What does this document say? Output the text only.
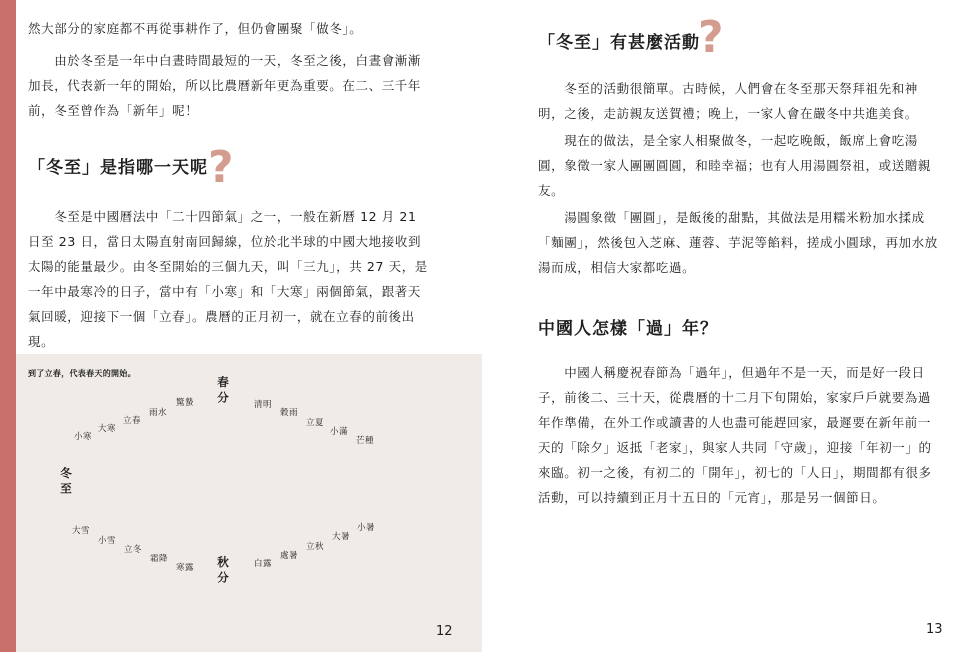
然大部分的家庭都不再從事耕作了，但仍會團聚「做冬」。

　　由於冬至是一年中白晝時間最短的一天，冬至之後，白晝會漸漸加長，代表新一年的開始，所以比農曆新年更為重要。在二、三千年前，冬至曾作為「新年」呢！

「冬至」是指哪一天呢 ?

　　冬至是中國曆法中「二十四節氣」之一，一般在新曆 12 月 21 日至 23 日，當日太陽直射南回歸線，位於北半球的中國大地接收到太陽的能量最少。由冬至開始的三個九天，叫「三九」，共 27 天，是一年中最寒冷的日子，當中有「小寒」和「大寒」兩個節氣，跟著天氣回暖，迎接下一個「立春」。農曆的正月初一，就在立春的前後出現。

到了立春，代表春天的開始。
春分
秋分
冬至
小寒
大寒
立春
雨水
驚蟄	清明
穀雨
立夏
小滿
芒種
小暑
大暑
立秋
處暑
白露
寒露
霜降
立冬
小雪
大雪
12

「冬至」有甚麼活動

?

　　冬至的活動很簡單。古時候，人們會在冬至那天祭拜祖先和神明，之後，走訪親友送賀禮；晚上，一家人會在嚴冬中共進美食。

　　現在的做法，是全家人相聚做冬，一起吃晚飯，飯席上會吃湯圓，象徵一家人團團圓圓，和睦幸福；也有人用湯圓祭祖，或送贈親友。

　　湯圓象徵「團圓」，是飯後的甜點，其做法是用糯米粉加水揉成「麵團」，然後包入芝麻、蓮蓉、芋泥等餡料，搓成小圓球，再加水放湯而成，相信大家都吃過。

中國人怎樣「過」年？

　　中國人稱慶祝春節為「過年」，但過年不是一天，而是好一段日子，前後二、三十天，從農曆的十二月下旬開始，家家戶戶就要為過年作準備，在外工作或讀書的人也盡可能趕回家，最遲要在新年前一天的「除夕」返抵「老家」，與家人共同「守歲」，迎接「年初一」的來臨。初一之後，有初二的「開年」，初七的「人日」，期間都有很多活動，可以持續到正月十五日的「元宵」，那是另一個節日。

13
